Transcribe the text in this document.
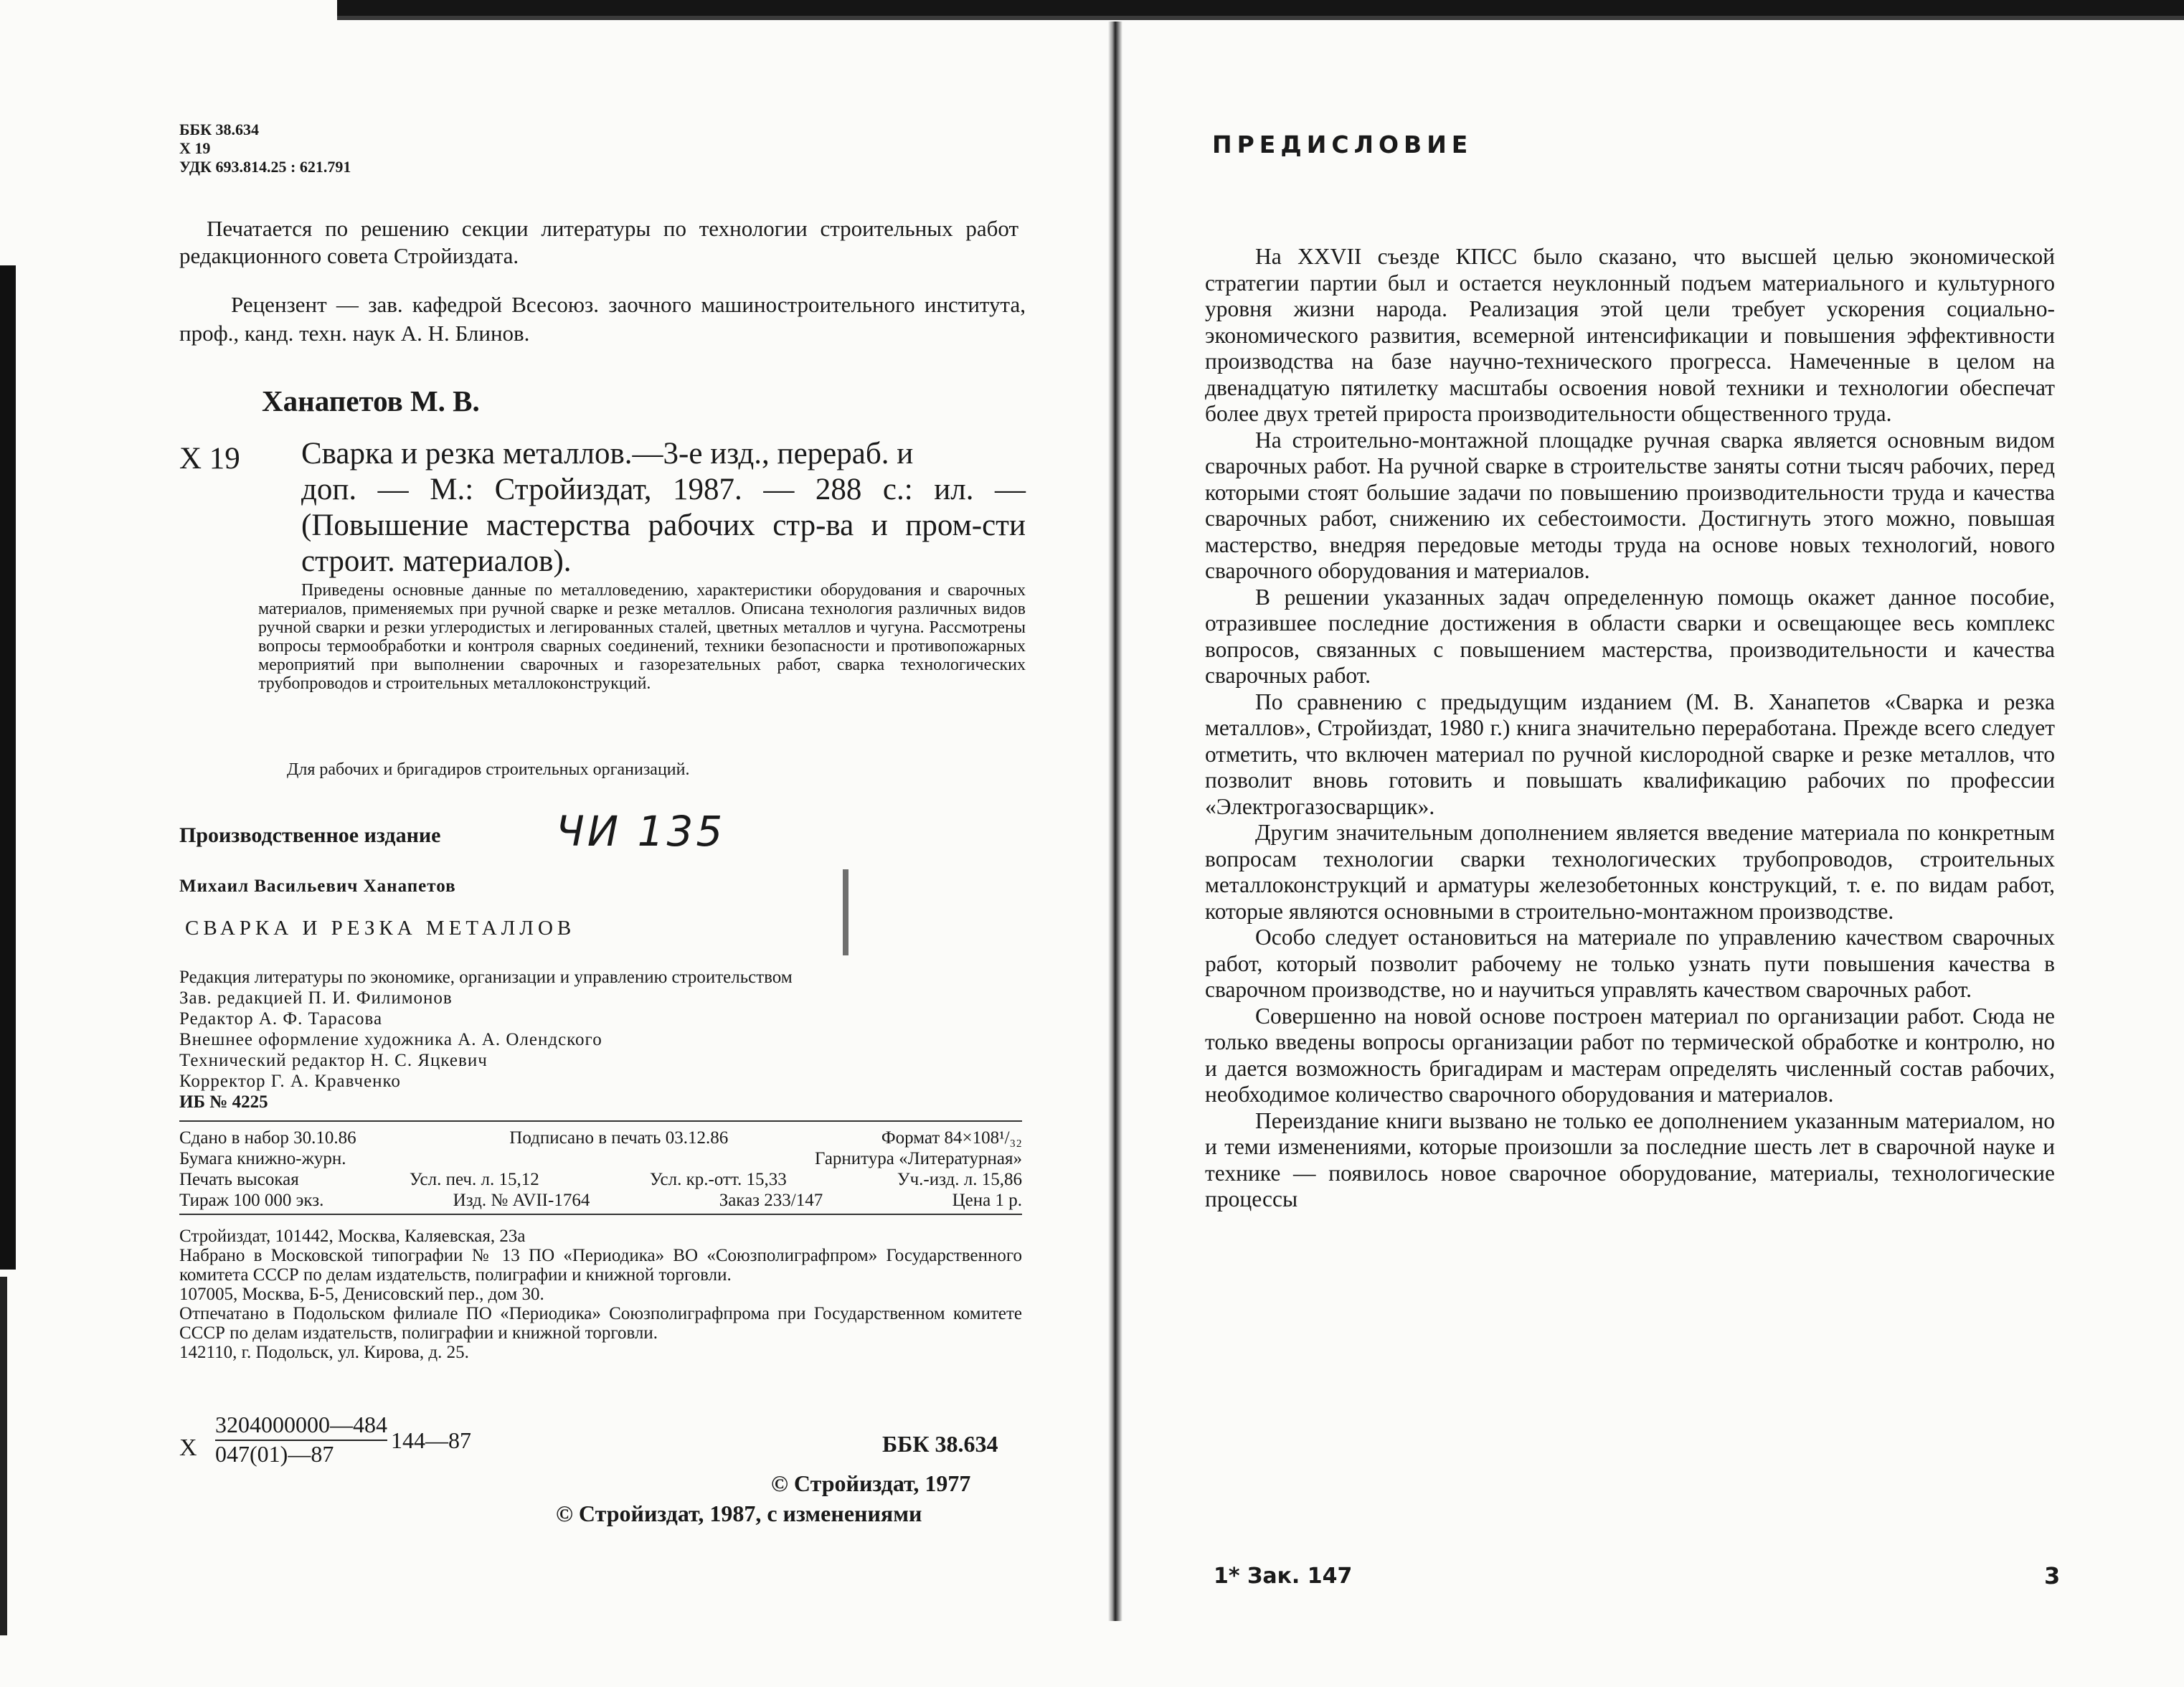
ББК 38.634
Х 19
УДК 693.814.25 : 621.791
Печатается по решению секции литературы по технологии строительных работ редакционного совета Стройиздата.
Рецензент — зав. кафедрой Всесоюз. заочного машиностроительного института, проф., канд. техн. наук А. Н. Блинов.
Ханапетов М. В.
Х 19 Сварка и резка металлов.—3-е изд., перераб. и
доп. — М.: Стройиздат, 1987. — 288 с.: ил. — (Повышение мастерства рабочих стр-ва и пром-сти строит. материалов).
Приведены основные данные по металловедению, характеристики оборудования и сварочных материалов, применяемых при ручной сварке и резке металлов. Описана технология различных видов ручной сварки и резки углеродистых и легированных сталей, цветных металлов и чугуна. Рассмотрены вопросы термообработки и контроля сварных соединений, техники безопасности и противопожарных мероприятий при выполнении сварочных и газорезательных работ, сварка технологических трубопроводов и строительных металлоконструкций.
Для рабочих и бригадиров строительных организаций.
Производственное издание	ЧИ 135
Михаил Васильевич Ханапетов
СВАРКА И РЕЗКА МЕТАЛЛОВ
Редакция литературы по экономике, организации и управлению строительством
Зав. редакцией П. И. Филимонов
Редактор А. Ф. Тарасова
Внешнее оформление художника А. А. Олендского
Технический редактор Н. С. Яцкевич
Корректор Г. А. Кравченко
ИБ № 4225
Сдано в набор 30.10.86	Подписано в печать 03.12.86	Формат 84×108¹/₃₂
Бумага книжно-журн.	Гарнитура «Литературная»
Печать высокая	Усл. печ. л. 15,12	Усл. кр.-отт. 15,33	Уч.-изд. л. 15,86
Тираж 100 000 экз.	Изд. № AVII-1764	Заказ 233/147	Цена 1 р.
Стройиздат, 101442, Москва, Каляевская, 23а
Набрано в Московской типографии № 13 ПО «Периодика» ВО «Союзполиграфпром» Государственного комитета СССР по делам издательств, полиграфии и книжной торговли.
107005, Москва, Б-5, Денисовский пер., дом 30.
Отпечатано в Подольском филиале ПО «Периодика» Союзполиграфпрома при Государственном комитете СССР по делам издательств, полиграфии и книжной торговли.
142110, г. Подольск, ул. Кирова, д. 25.
Х $\frac{3204000000—484}{047(01)—87}$ 144—87	ББК 38.634
© Стройиздат, 1977
© Стройиздат, 1987, с изменениями
ПРЕДИСЛОВИЕ

На XXVII съезде КПСС было сказано, что высшей целью экономической стратегии партии был и остается неуклонный подъем материального и культурного уровня жизни народа. Реализация этой цели требует ускорения социально-экономического развития, всемерной интенсификации и повышения эффективности производства на базе научно-технического прогресса. Намеченные в целом на двенадцатую пятилетку масштабы освоения новой техники и технологии обеспечат более двух третей прироста производительности общественного труда.

На строительно-монтажной площадке ручная сварка является основным видом сварочных работ. На ручной сварке в строительстве заняты сотни тысяч рабочих, перед которыми стоят большие задачи по повышению производительности труда и качества сварочных работ, снижению их себестоимости. Достигнуть этого можно, повышая мастерство, внедряя передовые методы труда на основе новых технологий, нового сварочного оборудования и материалов.

В решении указанных задач определенную помощь окажет данное пособие, отразившее последние достижения в области сварки и освещающее весь комплекс вопросов, связанных с повышением мастерства, производительности и качества сварочных работ.

По сравнению с предыдущим изданием (М. В. Ханапетов «Сварка и резка металлов», Стройиздат, 1980 г.) книга значительно переработана. Прежде всего следует отметить, что включен материал по ручной кислородной сварке и резке металлов, что позволит вновь готовить и повышать квалификацию рабочих по профессии «Электрогазосварщик».

Другим значительным дополнением является введение материала по конкретным вопросам технологии сварки технологических трубопроводов, строительных металлоконструкций и арматуры железобетонных конструкций, т. е. по видам работ, которые являются основными в строительно-монтажном производстве.

Особо следует остановиться на материале по управлению качеством сварочных работ, который позволит рабочему не только узнать пути повышения качества в сварочном производстве, но и научиться управлять качеством сварочных работ.

Совершенно на новой основе построен материал по организации работ. Сюда не только введены вопросы организации работ по термической обработке и контролю, но и дается возможность бригадирам и мастерам определять численный состав рабочих, необходимое количество сварочного оборудования и материалов.

Переиздание книги вызвано не только ее дополнением указанным материалом, но и теми изменениями, которые произошли за последние шесть лет в сварочной науке и технике — появилось новое сварочное оборудование, материалы, технологические процессы

1* Зак. 147	3
